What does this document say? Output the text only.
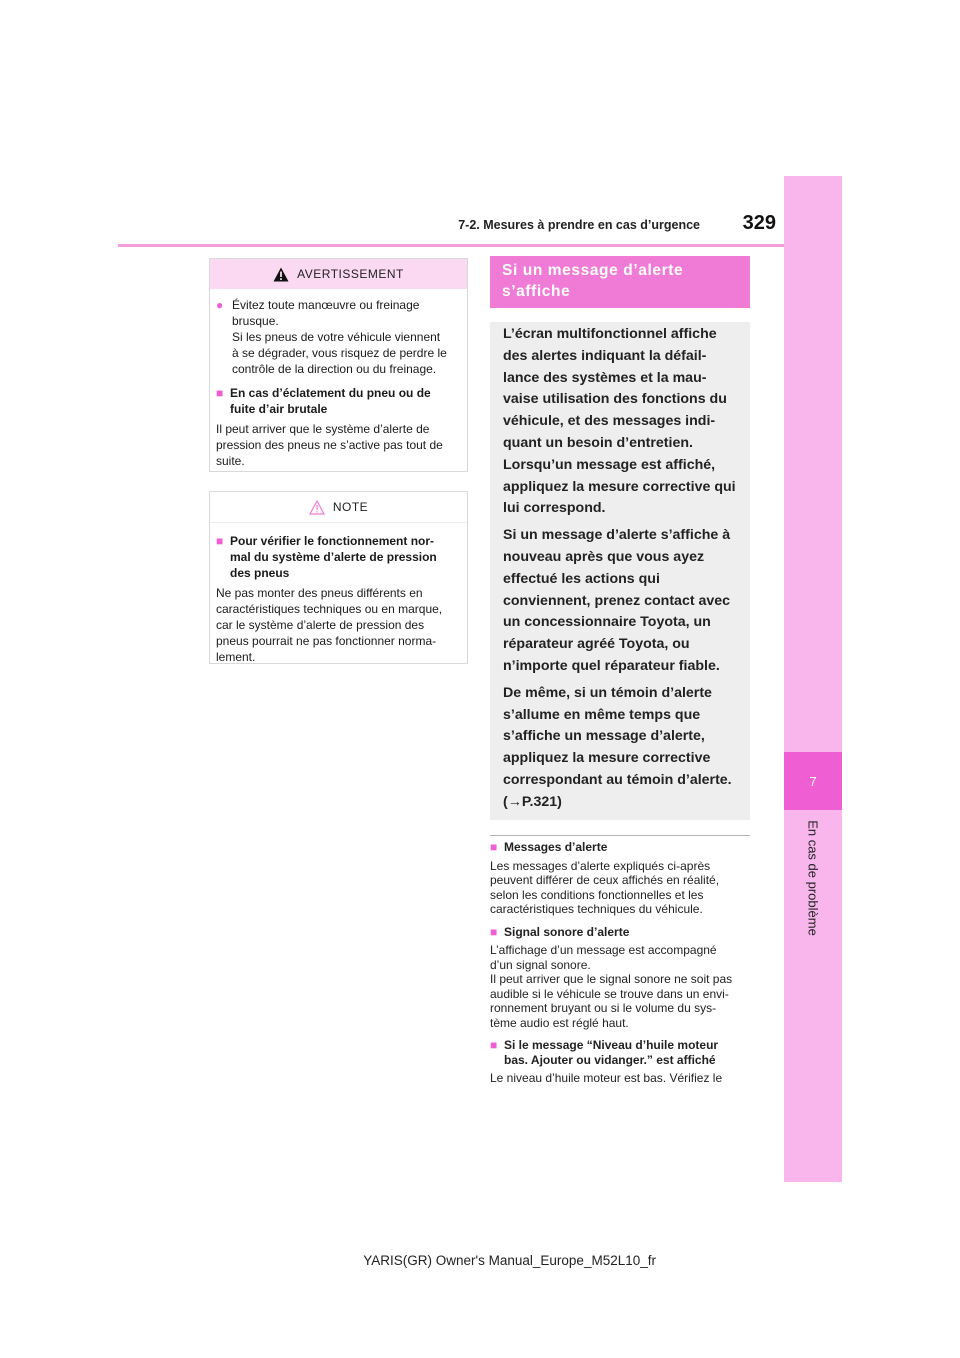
7-2. Mesures à prendre en cas d’urgence	329
7
En cas de problème
AVERTISSEMENT
● Évitez toute manœuvre ou freinage
brusque.
Si les pneus de votre véhicule viennent
à se dégrader, vous risquez de perdre le
contrôle de la direction ou du freinage.
■ En cas d’éclatement du pneu ou de
fuite d’air brutale
Il peut arriver que le système d’alerte de
pression des pneus ne s’active pas tout de
suite.
NOTE
■ Pour vérifier le fonctionnement nor-
mal du système d’alerte de pression
des pneus
Ne pas monter des pneus différents en
caractéristiques techniques ou en marque,
car le système d’alerte de pression des
pneus pourrait ne pas fonctionner norma-
lement.
Si un message d’alerte
s’affiche

L’écran multifonctionnel affiche
des alertes indiquant la défail-
lance des systèmes et la mau-
vaise utilisation des fonctions du
véhicule, et des messages indi-
quant un besoin d’entretien.
Lorsqu’un message est affiché,
appliquez la mesure corrective qui
lui correspond.

Si un message d’alerte s’affiche à
nouveau après que vous ayez
effectué les actions qui
conviennent, prenez contact avec
un concessionnaire Toyota, un
réparateur agréé Toyota, ou
n’importe quel réparateur fiable.

De même, si un témoin d’alerte
s’allume en même temps que
s’affiche un message d’alerte,
appliquez la mesure corrective
correspondant au témoin d’alerte.
(→P.321)

■ Messages d’alerte
Les messages d’alerte expliqués ci-après
peuvent différer de ceux affichés en réalité,
selon les conditions fonctionnelles et les
caractéristiques techniques du véhicule.
■ Signal sonore d’alerte
L’affichage d’un message est accompagné
d’un signal sonore.
Il peut arriver que le signal sonore ne soit pas
audible si le véhicule se trouve dans un envi-
ronnement bruyant ou si le volume du sys-
tème audio est réglé haut.
■ Si le message “Niveau d’huile moteur
bas. Ajouter ou vidanger.” est affiché
Le niveau d’huile moteur est bas. Vérifiez le
YARIS(GR) Owner's Manual_Europe_M52L10_fr
